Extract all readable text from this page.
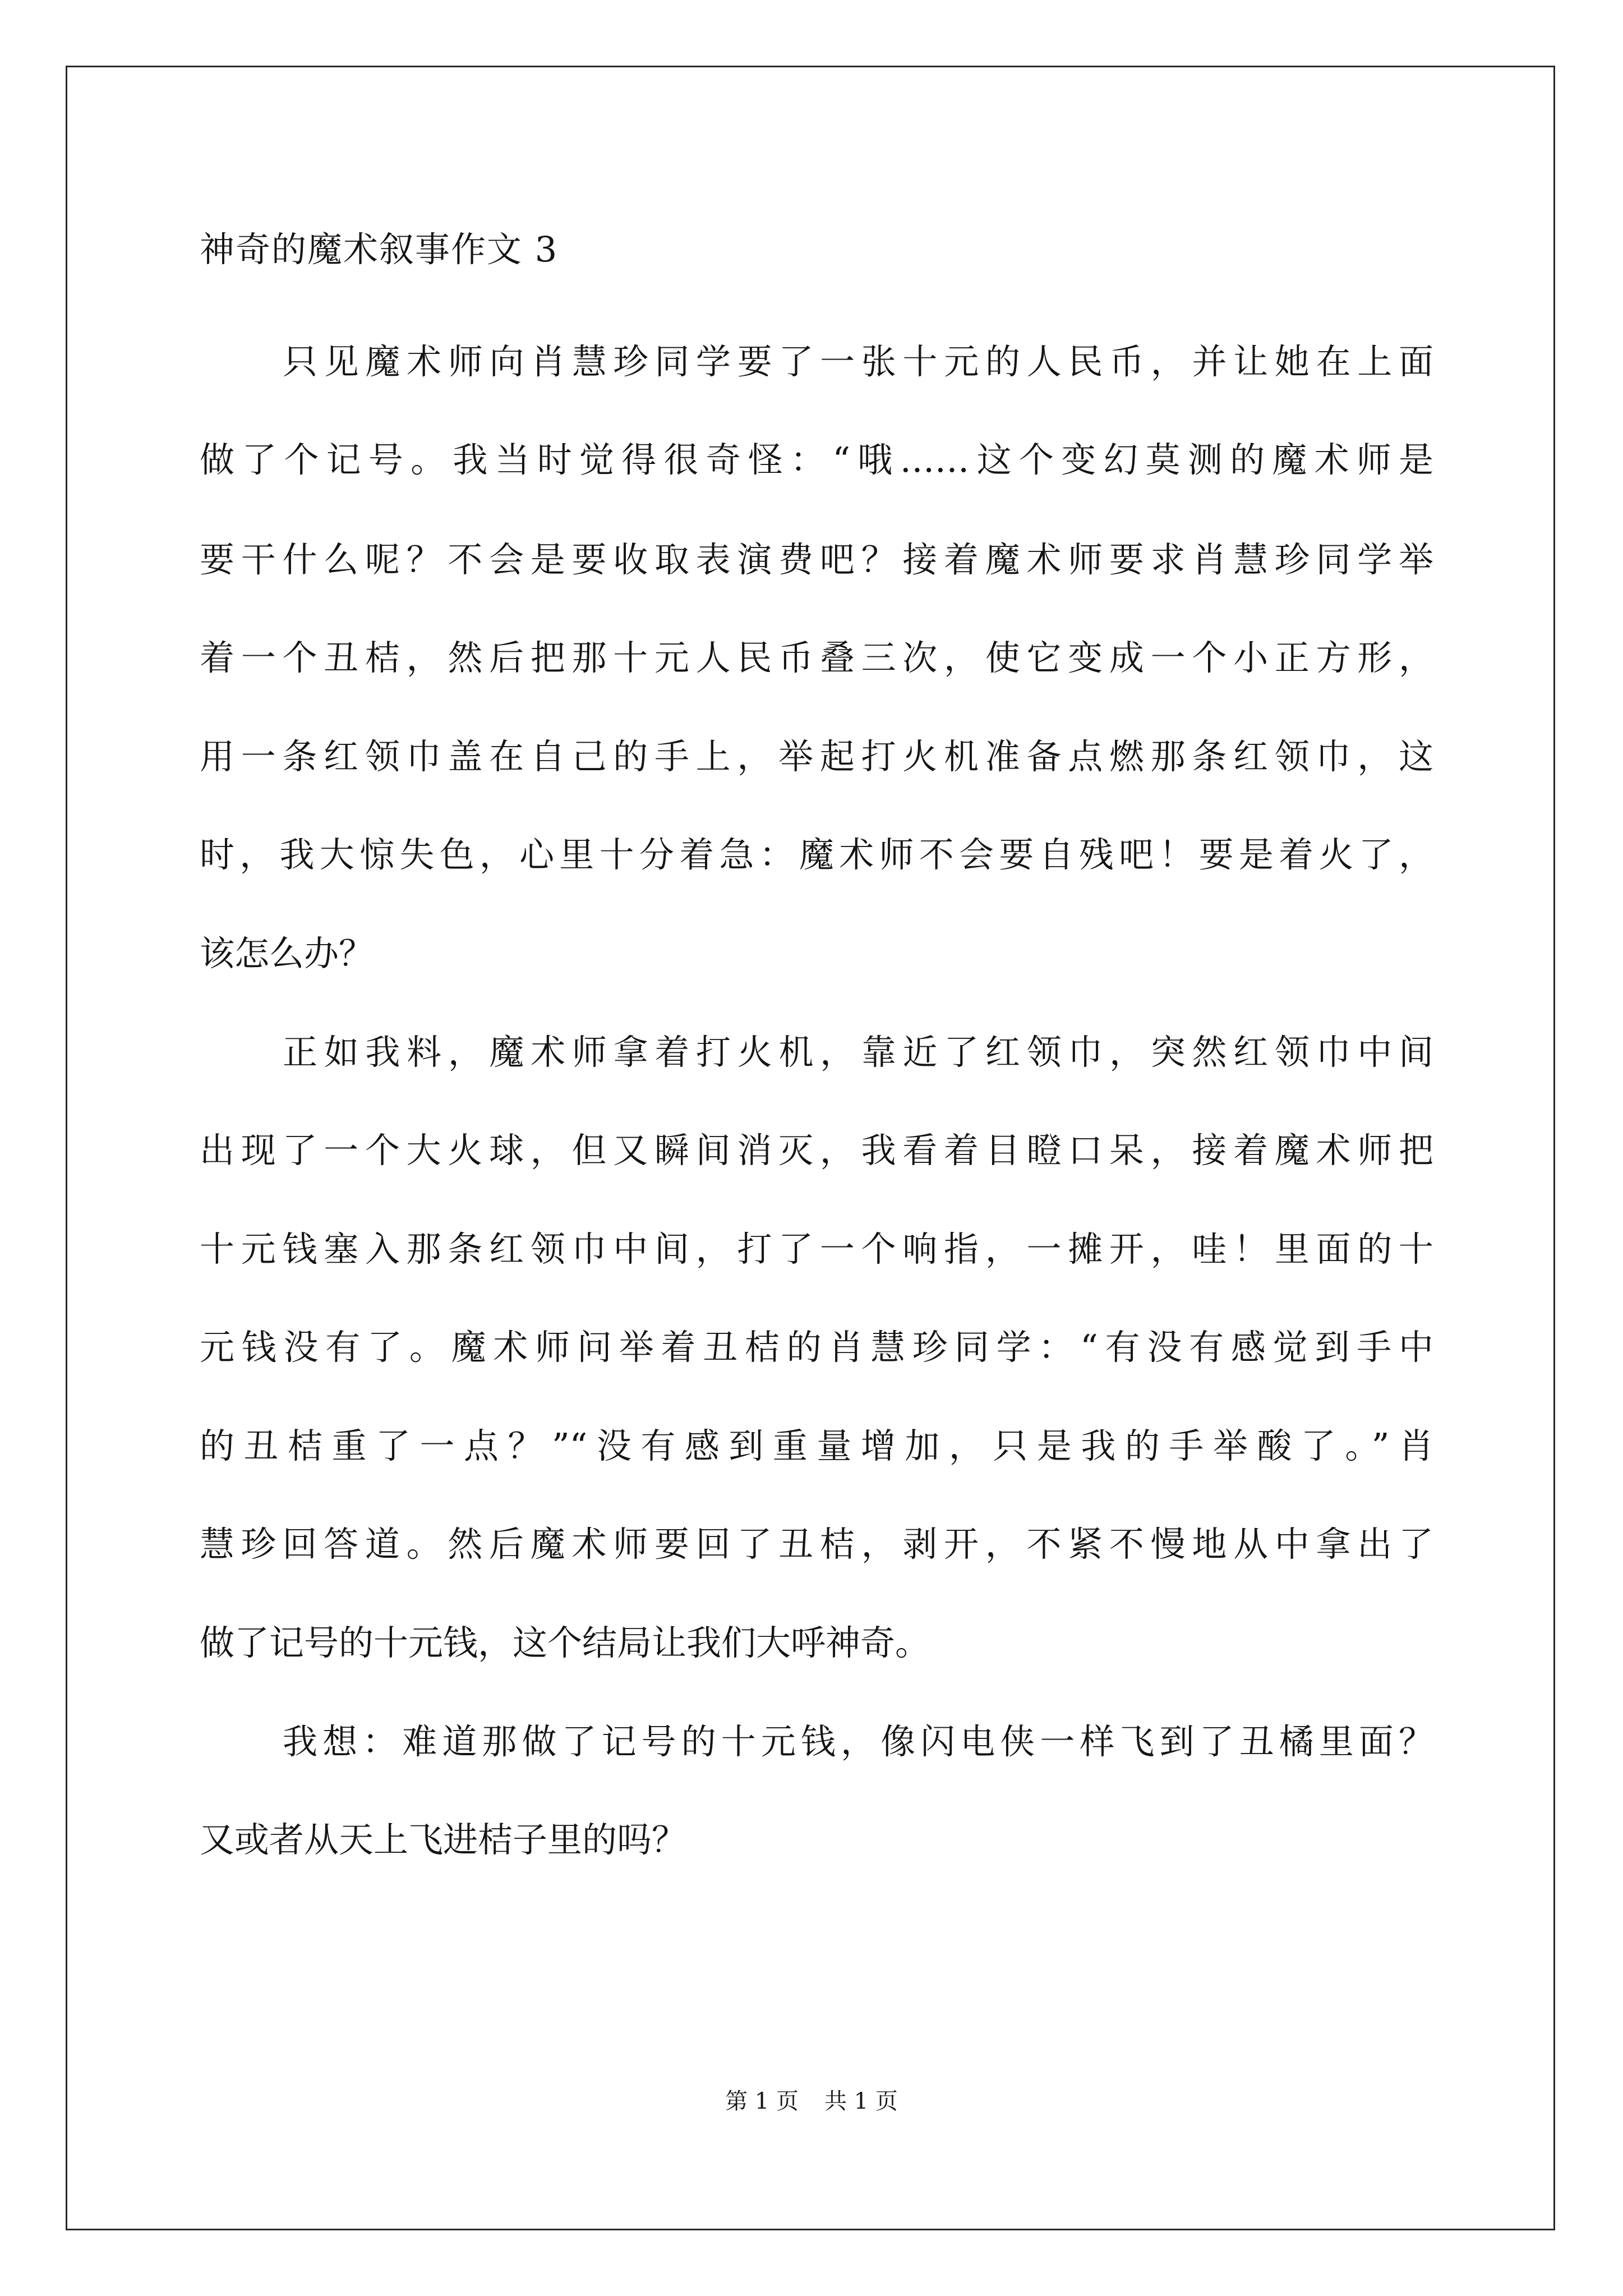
神奇的魔术叙事作文 3
只见魔术师向肖慧珍同学要了一张十元的人民币，并让她在上面
做了个记号。我当时觉得很奇怪：“哦……这个变幻莫测的魔术师是
要干什么呢？不会是要收取表演费吧？接着魔术师要求肖慧珍同学举
着一个丑桔，然后把那十元人民币叠三次，使它变成一个小正方形，
用一条红领巾盖在自己的手上，举起打火机准备点燃那条红领巾，这
时，我大惊失色，心里十分着急：魔术师不会要自残吧！要是着火了，
该怎么办？
正如我料，魔术师拿着打火机，靠近了红领巾，突然红领巾中间
出现了一个大火球，但又瞬间消灭，我看着目瞪口呆，接着魔术师把
十元钱塞入那条红领巾中间，打了一个响指，一摊开，哇！里面的十
元钱没有了。魔术师问举着丑桔的肖慧珍同学：“有没有感觉到手中
的丑桔重了一点？”“没有感到重量增加，只是我的手举酸了。”肖
慧珍回答道。然后魔术师要回了丑桔，剥开，不紧不慢地从中拿出了
做了记号的十元钱，这个结局让我们大呼神奇。
我想：难道那做了记号的十元钱，像闪电侠一样飞到了丑橘里面？
又或者从天上飞进桔子里的吗？
第 1 页 共 1 页
